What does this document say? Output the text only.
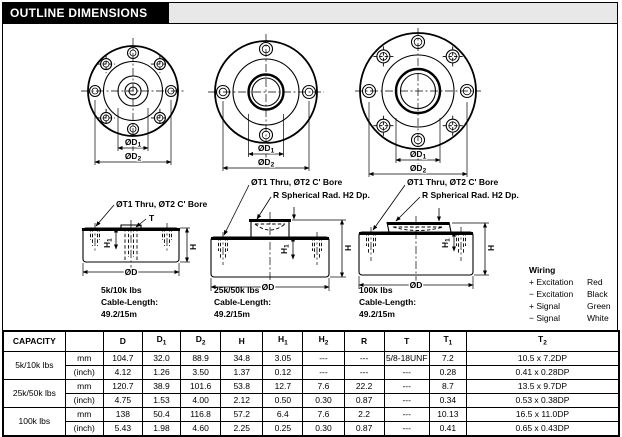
OUTLINE DIMENSIONS
ØD1
ØD2
ØD1
ØD2
ØD1
ØD2
H1
H
ØD
ØT1 Thru, ØT2 C' Bore
T
H1	H
ØD
ØT1 Thru, ØT2 C' Bore
R Spherical Rad. H2 Dp.
H1
H
ØD
ØT1 Thru, ØT2 C' Bore
R Spherical Rad. H2 Dp.
5k/10k lbs
Cable-Length:
49.2/15m
25k/50k lbs
Cable-Length:
49.2/15m
100k lbs
Cable-Length:
49.2/15m
Wiring
+ Excitation	Red
− Excitation	Black
+ Signal	Green
− Signal	White
CAPACITY		D	$D_1$	$D_2$	H	$H_1$	$H_2$	R	T	$T_1$	$T_2$
5k/10k lbs	mm	104.7	32.0	88.9	34.8	3.05	---	---	5/8-18UNF	7.2	10.5 x 7.2DP
	(inch)	4.12	1.26	3.50	1.37	0.12	---	---	---	0.28	0.41 x 0.28DP
25k/50k lbs	mm	120.7	38.9	101.6	53.8	12.7	7.6	22.2	---	8.7	13.5 x 9.7DP
	(inch)	4.75	1.53	4.00	2.12	0.50	0.30	0.87	---	0.34	0.53 x 0.38DP
100k lbs	mm	138	50.4	116.8	57.2	6.4	7.6	2.2	---	10.13	16.5 x 11.0DP
	(inch)	5.43	1.98	4.60	2.25	0.25	0.30	0.87	---	0.41	0.65 x 0.43DP
